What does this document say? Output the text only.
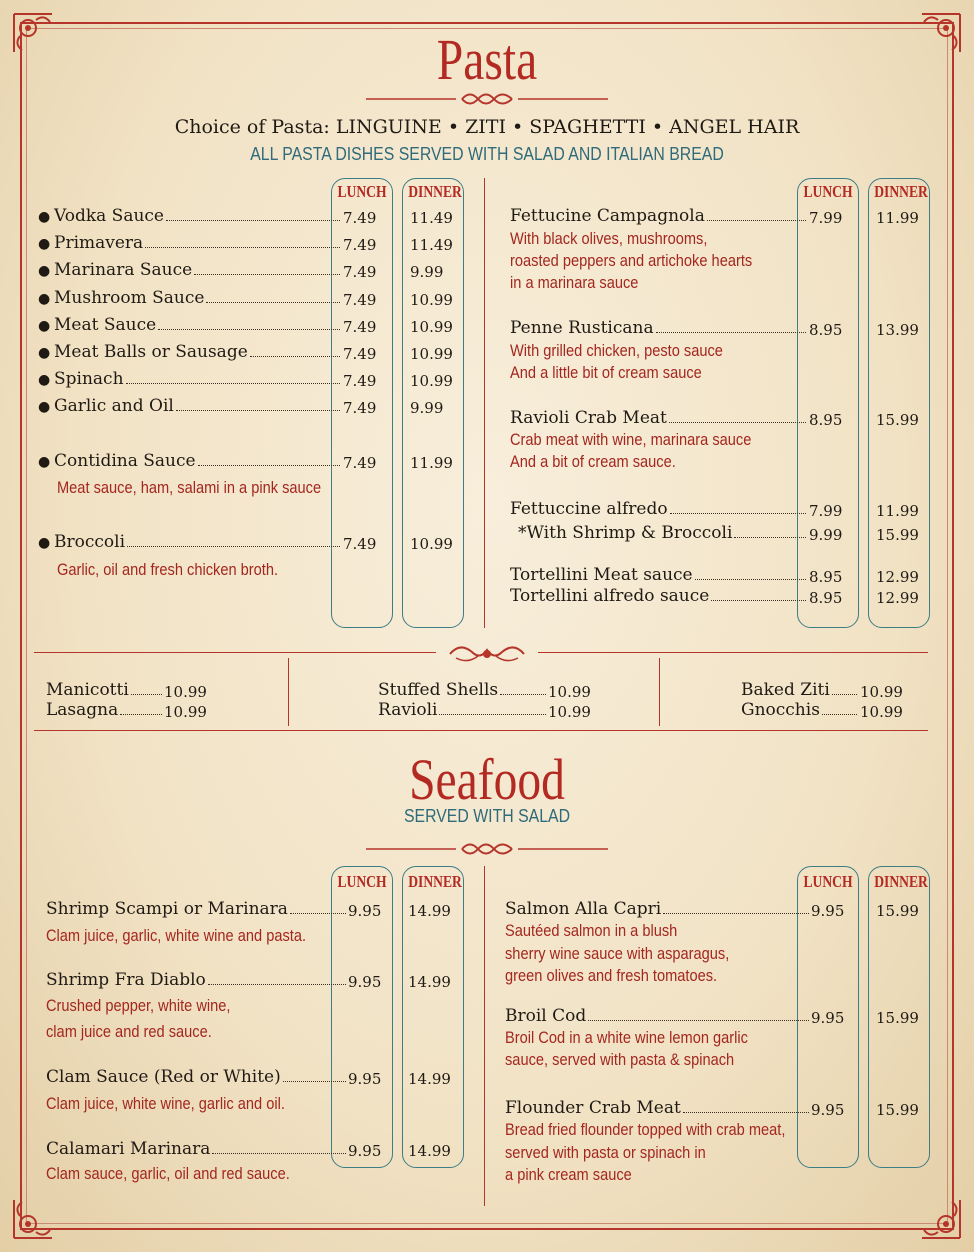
Pasta
Choice of Pasta: LINGUINE • ZITI • SPAGHETTI • ANGEL HAIR
ALL PASTA DISHES SERVED WITH SALAD AND ITALIAN BREAD
LUNCH DINNER	LUNCH DINNER
● Vodka Sauce	7.49 11.49
● Primavera	7.49 11.49
● Marinara Sauce	7.49 9.99
● Mushroom Sauce	7.49 10.99
● Meat Sauce	7.49 10.99
● Meat Balls or Sausage	7.49 10.99
● Spinach	7.49 10.99
● Garlic and Oil	7.49 9.99
● Contidina Sauce	7.49 11.99
Meat sauce, ham, salami in a pink sauce
● Broccoli	7.49 10.99
Garlic, oil and fresh chicken broth.
Fettucine Campagnola	7.99 11.99
With black olives, mushrooms,
roasted peppers and artichoke hearts
in a marinara sauce
Penne Rusticana	8.95 13.99
With grilled chicken, pesto sauce
And a little bit of cream sauce
Ravioli Crab Meat	8.95 15.99
Crab meat with wine, marinara sauce
And a bit of cream sauce.
Fettuccine alfredo	7.99 11.99
*With Shrimp & Broccoli	9.99 15.99
Tortellini Meat sauce	8.95 12.99
Tortellini alfredo sauce	8.95 12.99
Manicotti 10.99
Lasagna	10.99
Stuffed Shells	10.99
Ravioli	10.99
Baked Ziti 10.99
Gnocchis	10.99
Seafood
SERVED WITH SALAD
LUNCH DINNER	LUNCH DINNER
Shrimp Scampi or Marinara	9.95 14.99
Clam juice, garlic, white wine and pasta.
Shrimp Fra Diablo	9.95 14.99
Crushed pepper, white wine,
clam juice and red sauce.
Clam Sauce (Red or White)	9.95 14.99
Clam juice, white wine, garlic and oil.
Calamari Marinara	9.95 14.99
Clam sauce, garlic, oil and red sauce.
Salmon Alla Capri	9.95 15.99
Sautéed salmon in a blush
sherry wine sauce with asparagus,
green olives and fresh tomatoes.
Broil Cod	9.95 15.99
Broil Cod in a white wine lemon garlic
sauce, served with pasta & spinach
Flounder Crab Meat	9.95 15.99
Bread fried flounder topped with crab meat,
served with pasta or spinach in
a pink cream sauce
